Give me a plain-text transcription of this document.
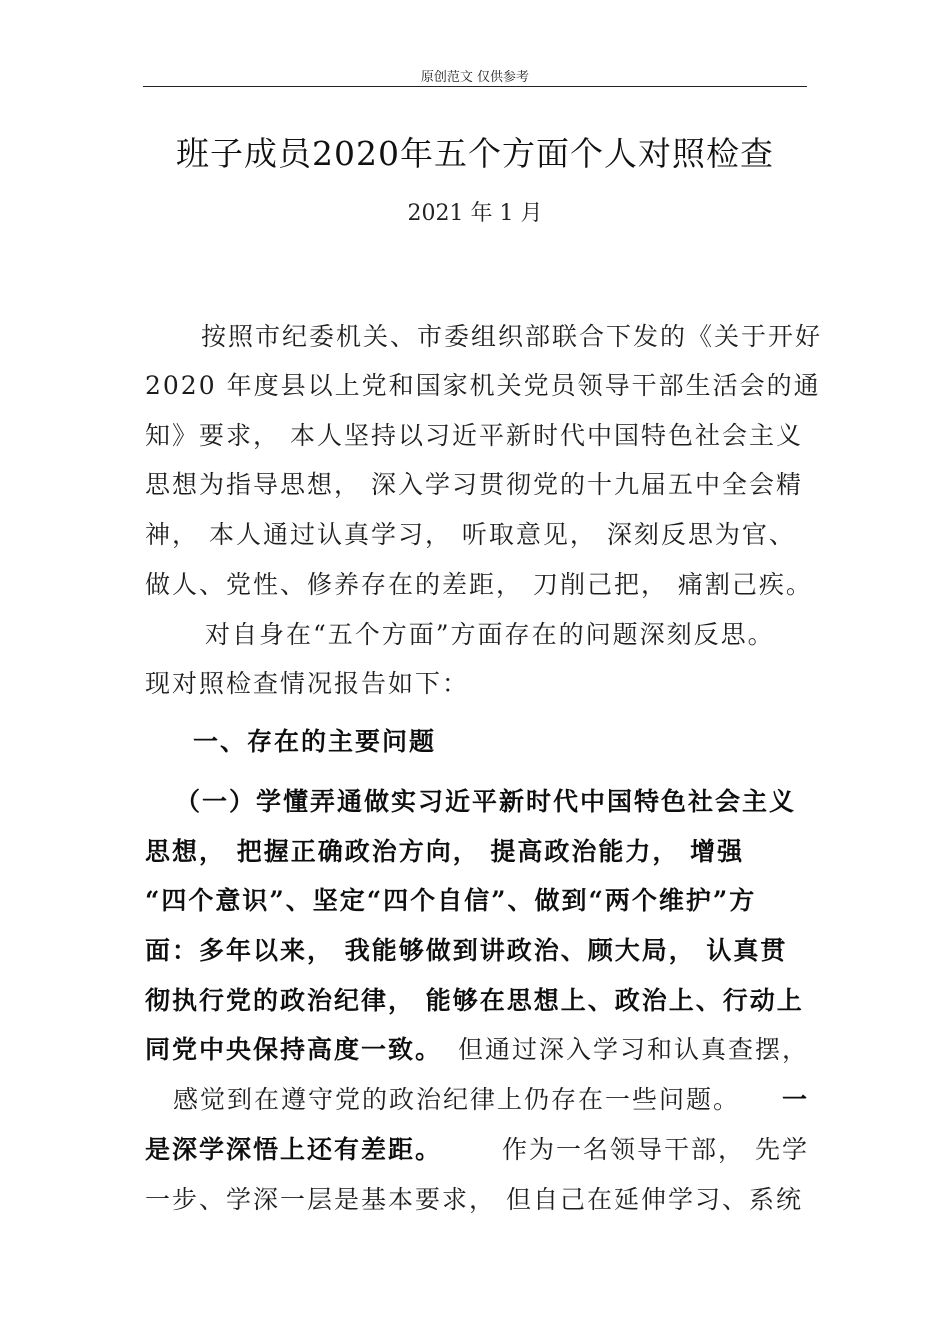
原创范文 仅供参考
班子成员2020年五个方面个人对照检查
2021 年 1 月
按照市纪委机关、市委组织部联合下发的《关于开好
2020 年度县以上党和国家机关党员领导干部生活会的通
知》要求， 本人坚持以习近平新时代中国特色社会主义
思想为指导思想， 深入学习贯彻党的十九届五中全会精
神， 本人通过认真学习， 听取意见， 深刻反思为官、
做人、党性、修养存在的差距， 刀削己把， 痛割己疾。
对自身在“五个方面”方面存在的问题深刻反思。
现对照检查情况报告如下：
一、存在的主要问题
（一）学懂弄通做实习近平新时代中国特色社会主义
思想， 把握正确政治方向， 提高政治能力， 增强
“四个意识”、坚定“四个自信”、做到“两个维护”方
面：多年以来， 我能够做到讲政治、顾大局， 认真贯
彻执行党的政治纪律， 能够在思想上、政治上、行动上
同党中央保持高度一致。 但通过深入学习和认真查摆，
感觉到在遵守党的政治纪律上仍存在一些问题。 一
是深学深悟上还有差距。 作为一名领导干部， 先学
一步、学深一层是基本要求， 但自己在延伸学习、系统
